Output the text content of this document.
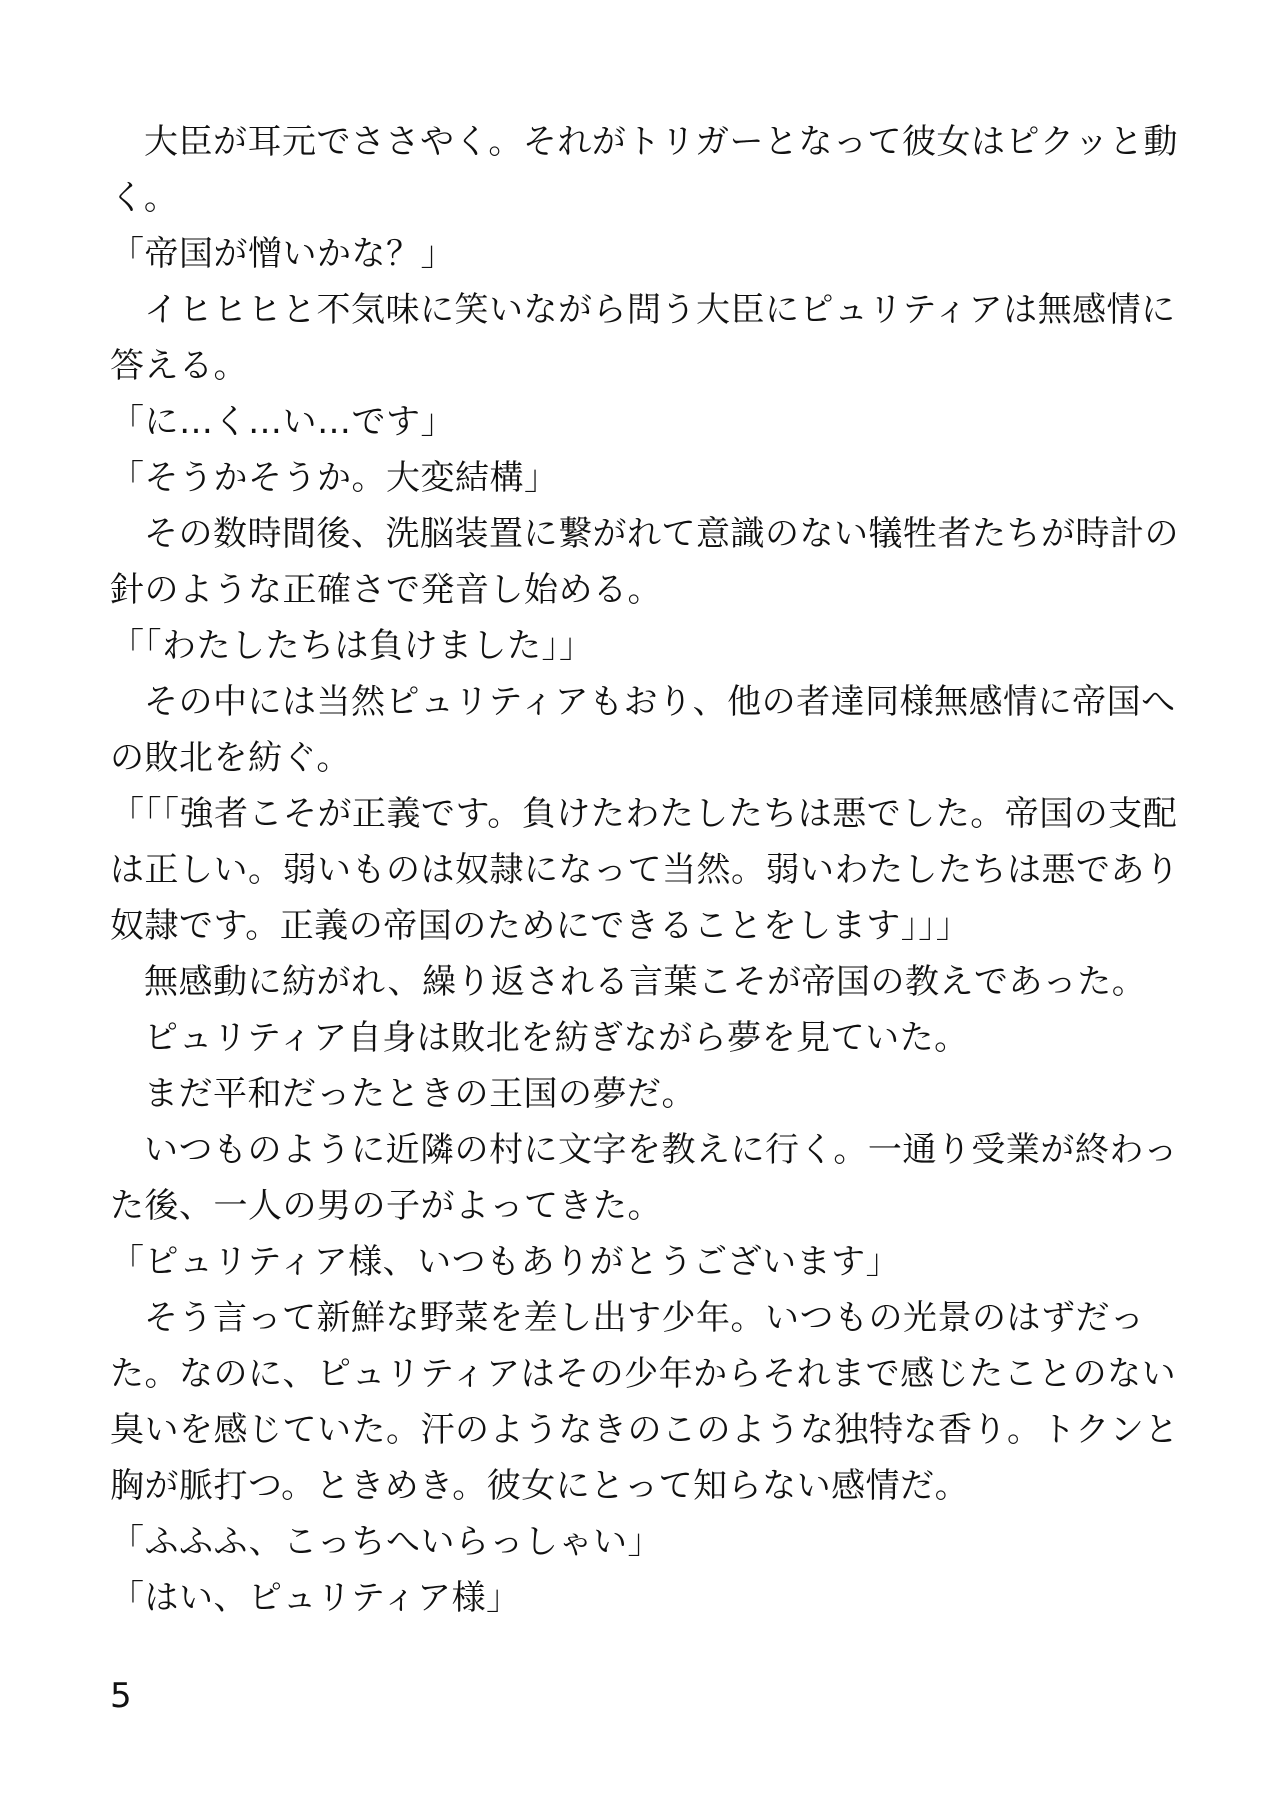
大臣が耳元でささやく。それがトリガーとなって彼女はピクッと動く。

「帝国が憎いかな？」

イヒヒヒと不気味に笑いながら問う大臣にピュリティアは無感情に答える。

「に…く…い…です」

「そうかそうか。大変結構」

その数時間後、洗脳装置に繋がれて意識のない犠牲者たちが時計の針のような正確さで発音し始める。

「「わたしたちは負けました」」

その中には当然ピュリティアもおり、他の者達同様無感情に帝国への敗北を紡ぐ。

「「「強者こそが正義です。負けたわたしたちは悪でした。帝国の支配は正しい。弱いものは奴隷になって当然。弱いわたしたちは悪であり奴隷です。正義の帝国のためにできることをします」」」

無感動に紡がれ、繰り返される言葉こそが帝国の教えであった。

ピュリティア自身は敗北を紡ぎながら夢を見ていた。

まだ平和だったときの王国の夢だ。

いつものように近隣の村に文字を教えに行く。一通り受業が終わった後、一人の男の子がよってきた。

「ピュリティア様、いつもありがとうございます」

そう言って新鮮な野菜を差し出す少年。いつもの光景のはずだった。なのに、ピュリティアはその少年からそれまで感じたことのない臭いを感じていた。汗のようなきのこのような独特な香り。トクンと胸が脈打つ。ときめき。彼女にとって知らない感情だ。

「ふふふ、こっちへいらっしゃい」

「はい、ピュリティア様」

5
